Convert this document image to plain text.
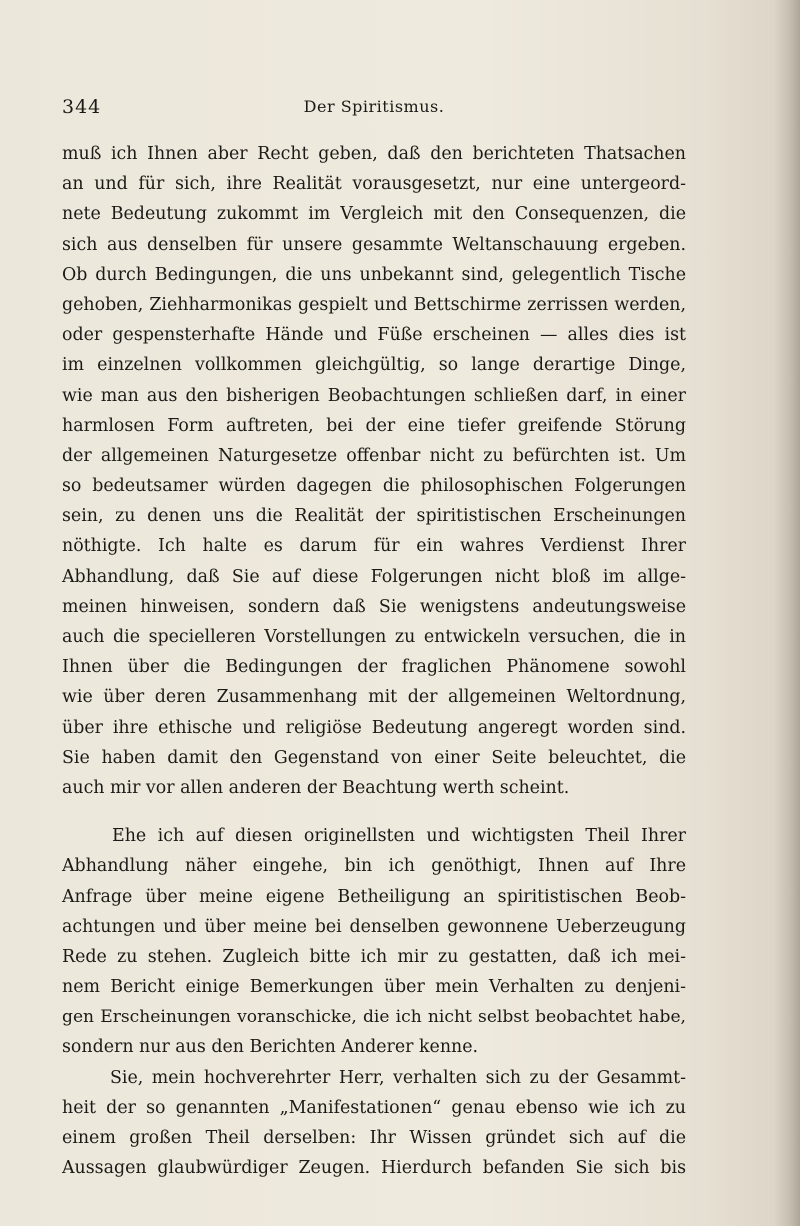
344	Der Spiritismus.

muß ich Ihnen aber Recht geben, daß den berichteten Thatsachen
an und für sich, ihre Realität vorausgesetzt, nur eine untergeord-
nete Bedeutung zukommt im Vergleich mit den Consequenzen, die
sich aus denselben für unsere gesammte Weltanschauung ergeben.
Ob durch Bedingungen, die uns unbekannt sind, gelegentlich Tische
gehoben, Ziehharmonikas gespielt und Bettschirme zerrissen werden,
oder gespensterhafte Hände und Füße erscheinen — alles dies ist
im einzelnen vollkommen gleichgültig, so lange derartige Dinge,
wie man aus den bisherigen Beobachtungen schließen darf, in einer
harmlosen Form auftreten, bei der eine tiefer greifende Störung
der allgemeinen Naturgesetze offenbar nicht zu befürchten ist. Um
so bedeutsamer würden dagegen die philosophischen Folgerungen
sein, zu denen uns die Realität der spiritistischen Erscheinungen
nöthigte. Ich halte es darum für ein wahres Verdienst Ihrer
Abhandlung, daß Sie auf diese Folgerungen nicht bloß im allge-
meinen hinweisen, sondern daß Sie wenigstens andeutungsweise
auch die specielleren Vorstellungen zu entwickeln versuchen, die in
Ihnen über die Bedingungen der fraglichen Phänomene sowohl
wie über deren Zusammenhang mit der allgemeinen Weltordnung,
über ihre ethische und religiöse Bedeutung angeregt worden sind.
Sie haben damit den Gegenstand von einer Seite beleuchtet, die
auch mir vor allen anderen der Beachtung werth scheint.

Ehe ich auf diesen originellsten und wichtigsten Theil Ihrer
Abhandlung näher eingehe, bin ich genöthigt, Ihnen auf Ihre
Anfrage über meine eigene Betheiligung an spiritistischen Beob-
achtungen und über meine bei denselben gewonnene Ueberzeugung
Rede zu stehen. Zugleich bitte ich mir zu gestatten, daß ich mei-
nem Bericht einige Bemerkungen über mein Verhalten zu denjeni-
gen Erscheinungen voranschicke, die ich nicht selbst beobachtet habe,
sondern nur aus den Berichten Anderer kenne.

Sie, mein hochverehrter Herr, verhalten sich zu der Gesammt-
heit der so genannten „Manifestationen“ genau ebenso wie ich zu
einem großen Theil derselben: Ihr Wissen gründet sich auf die
Aussagen glaubwürdiger Zeugen. Hierdurch befanden Sie sich bis
